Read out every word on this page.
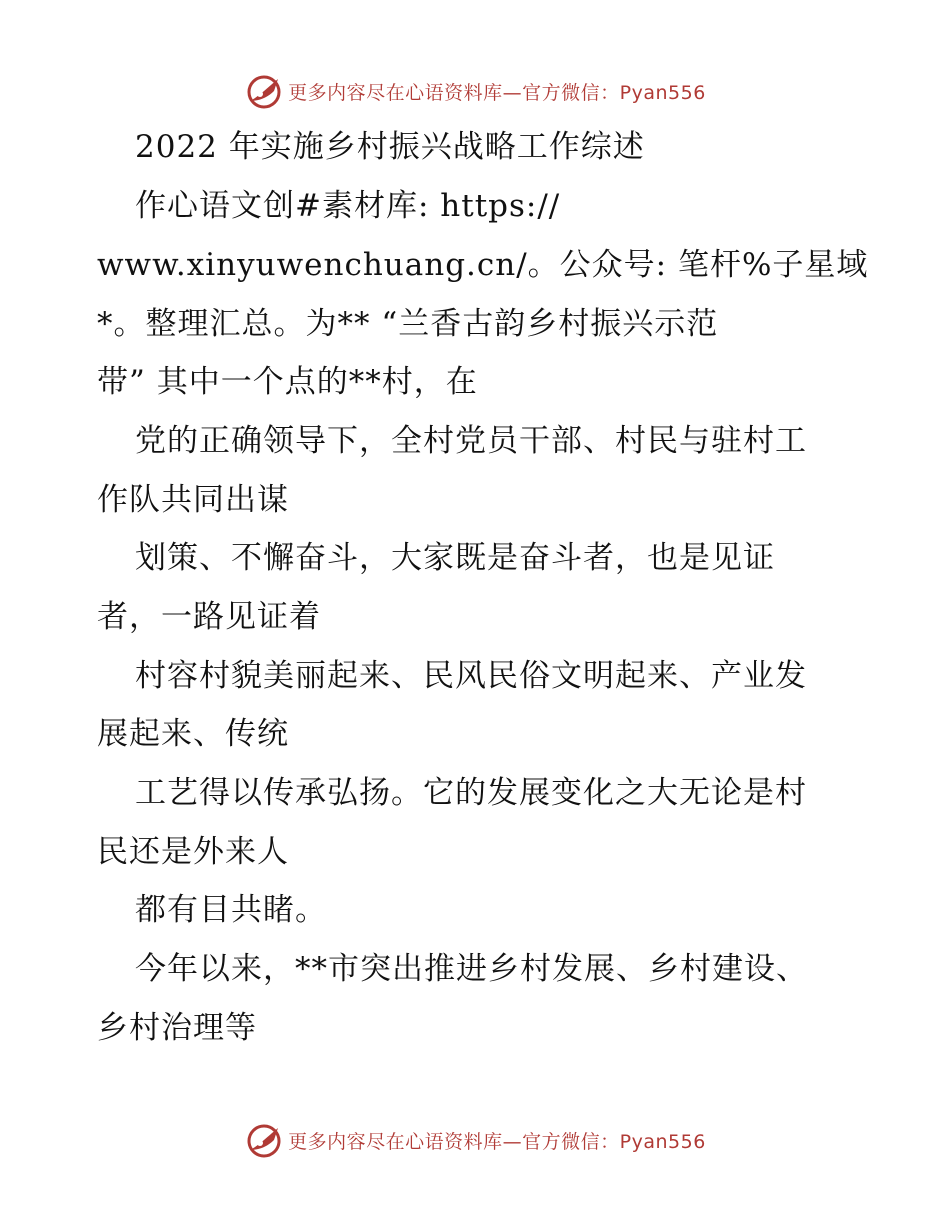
更多内容尽在心语资料库—官方微信：Pyan556
2022 年实施乡村振兴战略工作综述
作心语文创#素材库: https://
www.xinyuwenchuang.cn/。公众号: 笔杆%子星域
*。整理汇总。为** “兰香古韵乡村振兴示范
带” 其中一个点的**村，在
党的正确领导下，全村党员干部、村民与驻村工
作队共同出谋
划策、不懈奋斗，大家既是奋斗者，也是见证
者，一路见证着
村容村貌美丽起来、民风民俗文明起来、产业发
展起来、传统
工艺得以传承弘扬。它的发展变化之大无论是村
民还是外来人
都有目共睹。
今年以来，**市突出推进乡村发展、乡村建设、
乡村治理等
更多内容尽在心语资料库—官方微信：Pyan556
